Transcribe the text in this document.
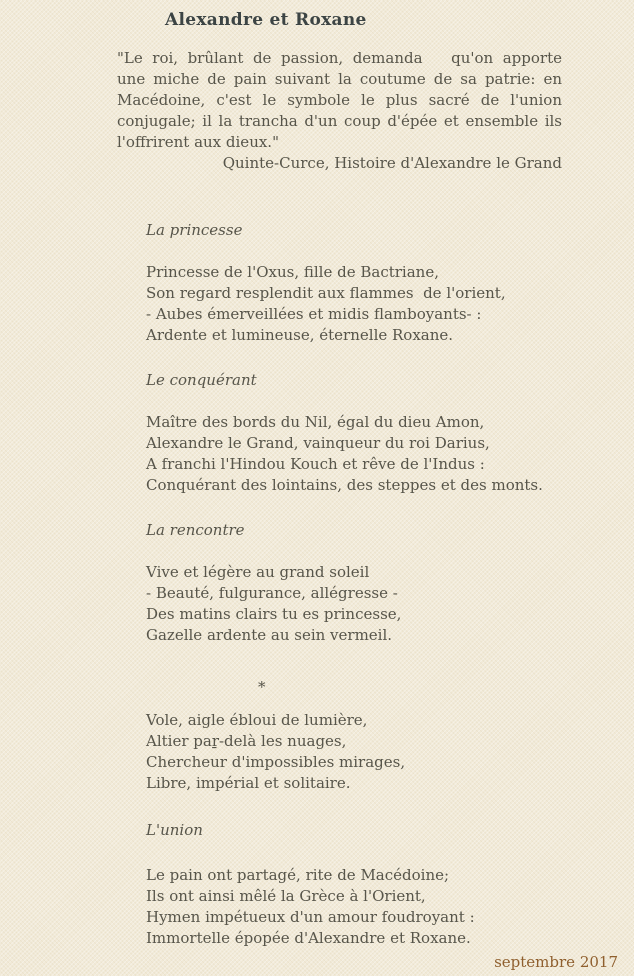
Alexandre et Roxane
"Le roi, brûlant de passion, demanda   qu'on apporte
une miche de pain suivant la coutume de sa patrie: en
Macédoine, c'est le symbole le plus sacré de l'union
conjugale; il la trancha d'un coup d'épée et ensemble ils
l'offrirent aux dieux."
Quinte-Curce, Histoire d'Alexandre le Grand
La princesse
Princesse de l'Oxus, fille de Bactriane,
Son regard resplendit aux flammes  de l'orient,
- Aubes émerveillées et midis flamboyants- :
Ardente et lumineuse, éternelle Roxane.
Le conquérant
Maître des bords du Nil, égal du dieu Amon,
Alexandre le Grand, vainqueur du roi Darius,
A franchi l'Hindou Kouch et rêve de l'Indus :
Conquérant des lointains, des steppes et des monts.
La rencontre
Vive et légère au grand soleil
- Beauté, fulgurance, allégresse -
Des matins clairs tu es princesse,
Gazelle ardente au sein vermeil.
*
Vole, aigle ébloui de lumière,
Altier paṟ-delà les nuages,
Chercheur d'impossibles mirages,
Libre, impérial et solitaire.
L'union
Le pain ont partagé, rite de Macédoine;
Ils ont ainsi mêlé la Grèce à l'Orient,
Hymen impétueux d'un amour foudroyant :
Immortelle épopée d'Alexandre et Roxane.
septembre 2017
